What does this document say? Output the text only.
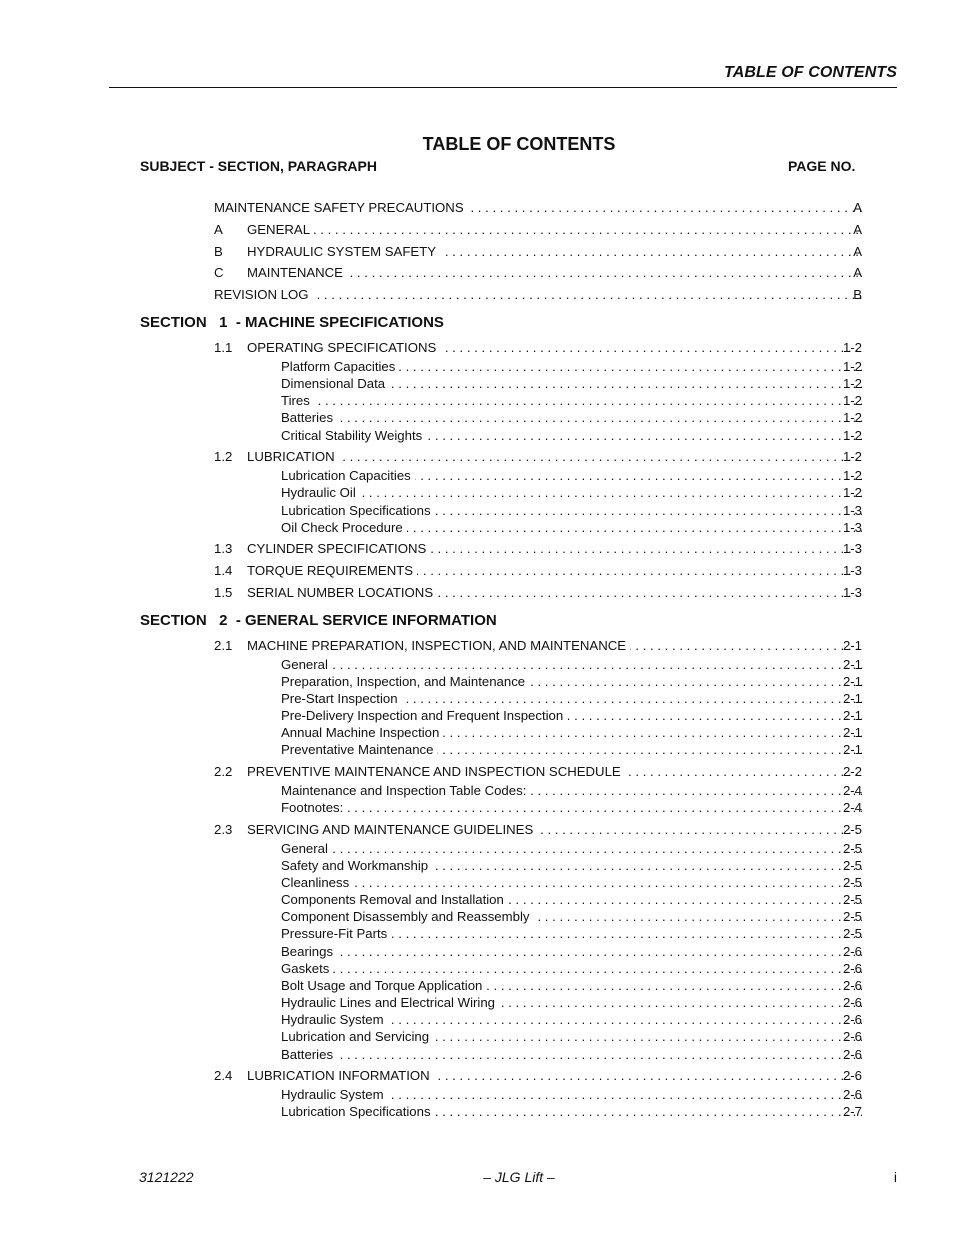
TABLE OF CONTENTS
TABLE OF CONTENTS
SUBJECT - SECTION, PARAGRAPH	PAGE NO.
MAINTENANCE SAFETY PRECAUTIONS . . .	A
A GENERAL . . .	A
B HYDRAULIC SYSTEM SAFETY . . .	A
C MAINTENANCE . . .	A
REVISION LOG . . .	B
SECTION   1  - MACHINE SPECIFICATIONS
1.1 OPERATING SPECIFICATIONS . . .	1-2
Platform Capacities . . .	1-2
Dimensional Data . . .	1-2
Tires . . .	1-2
Batteries . . .	1-2
Critical Stability Weights . . .	1-2
1.2 LUBRICATION . . .	1-2
Lubrication Capacities . . .	1-2
Hydraulic Oil . . .	1-2
Lubrication Specifications . . .	1-3
Oil Check Procedure . . .	1-3
1.3 CYLINDER SPECIFICATIONS . . .	1-3
1.4 TORQUE REQUIREMENTS . . .	1-3
1.5 SERIAL NUMBER LOCATIONS . . .	1-3
SECTION   2  - GENERAL SERVICE INFORMATION
2.1 MACHINE PREPARATION, INSPECTION, AND MAINTENANCE . . .	2-1
General . . .	2-1
Preparation, Inspection, and Maintenance . . .	2-1
Pre-Start Inspection . . .	2-1
Pre-Delivery Inspection and Frequent Inspection . . .	2-1
Annual Machine Inspection . . .	2-1
Preventative Maintenance . . .	2-1
2.2 PREVENTIVE MAINTENANCE AND INSPECTION SCHEDULE . . .	2-2
Maintenance and Inspection Table Codes: . . .	2-4
Footnotes: . . .	2-4
2.3 SERVICING AND MAINTENANCE GUIDELINES . . .	2-5
General . . .	2-5
Safety and Workmanship . . .	2-5
Cleanliness . . .	2-5
Components Removal and Installation . . .	2-5
Component Disassembly and Reassembly . . .	2-5
Pressure-Fit Parts . . .	2-5
Bearings . . .	2-6
Gaskets . . .	2-6
Bolt Usage and Torque Application . . .	2-6
Hydraulic Lines and Electrical Wiring . . .	2-6
Hydraulic System . . .	2-6
Lubrication and Servicing . . .	2-6
Batteries . . .	2-6
2.4 LUBRICATION INFORMATION . . .	2-6
Hydraulic System . . .	2-6
Lubrication Specifications . . .	2-7
3121222	– JLG Lift –	i
